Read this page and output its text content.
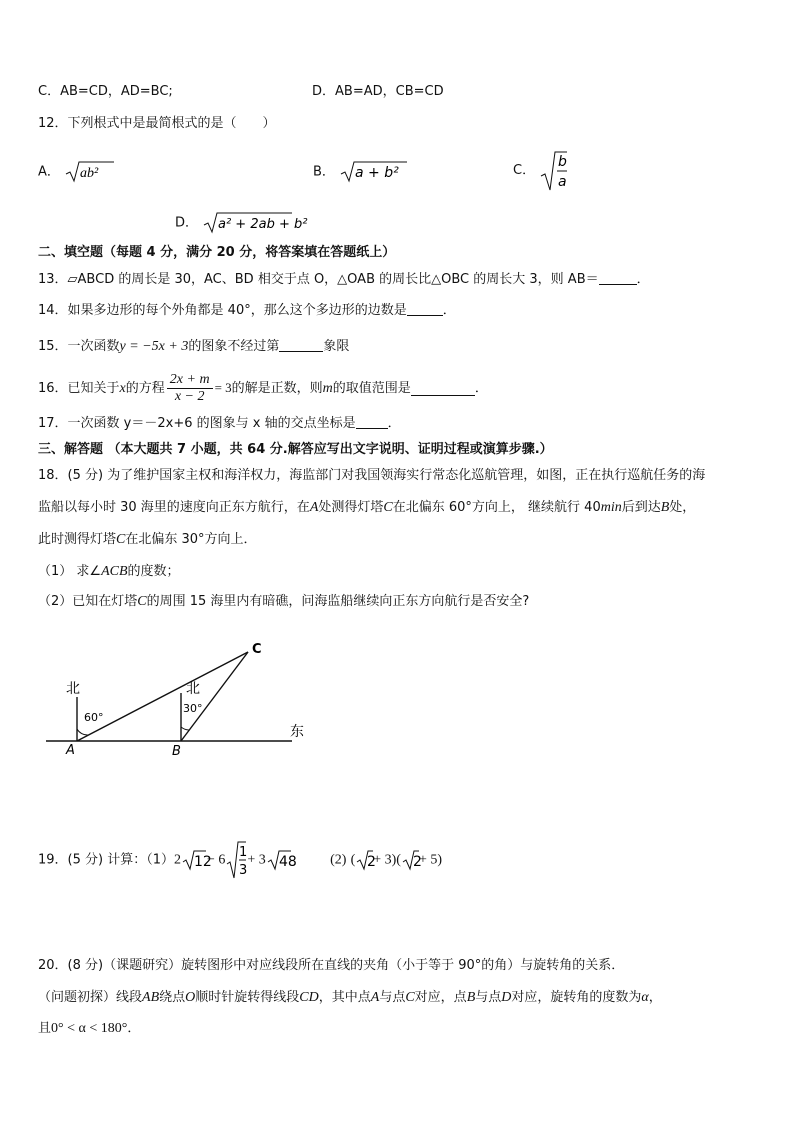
C．AB=CD，AD=BC;	D．AB=AD，CB=CD
12．下列根式中是最简根式的是（　　）
A． ab²	B． a + b²	C．
b
a
D． a² + 2ab + b²
二、填空题（每题 4 分，满分 20 分，将答案填在答题纸上）
13．▱ABCD 的周长是 30，AC、BD 相交于点 O，△OAB 的周长比△OBC 的周长大 3，则 AB＝	．
14．如果多边形的每个外角都是 40°，那么这个多边形的边数是	．
15．一次函数y = −5x + 3的图象不经过第	象限
16．已知关于x的方程 $\frac{2x + m}{x - 2} = 3$的解是正数，则m的取值范围是	．
17．一次函数 y＝－2x+6 的图象与 x 轴的交点坐标是 ．
三、解答题 （本大题共 7 小题，共 64 分.解答应写出文字说明、证明过程或演算步骤.）
18．(5 分) 为了维护国家主权和海洋权力，海监部门对我国领海实行常态化巡航管理，如图，正在执行巡航任务的海
监船以每小时 30 海里的速度向正东方航行，在A处测得灯塔C在北偏东 60°方向上， 继续航行 40min后到达B处，
此时测得灯塔C在北偏东 30°方向上．
（1） 求∠ACB的度数；
（2）已知在灯塔C的周围 15 海里内有暗礁，问海监船继续向正东方向航行是否安全?
北	北
60°
30°
东
A	B
C
19．(5 分) 计算：（1）2 12
− 6 1
3
+ 3 48 (2) ( 2
+ 3)( 2
+ 5)
20．(8 分)（课题研究）旋转图形中对应线段所在直线的夹角（小于等于 90°的角）与旋转角的关系．
（问题初探）线段AB绕点O顺时针旋转得线段CD，其中点A与点C对应，点B与点D对应，旋转角的度数为α，
且0° < α < 180°．
